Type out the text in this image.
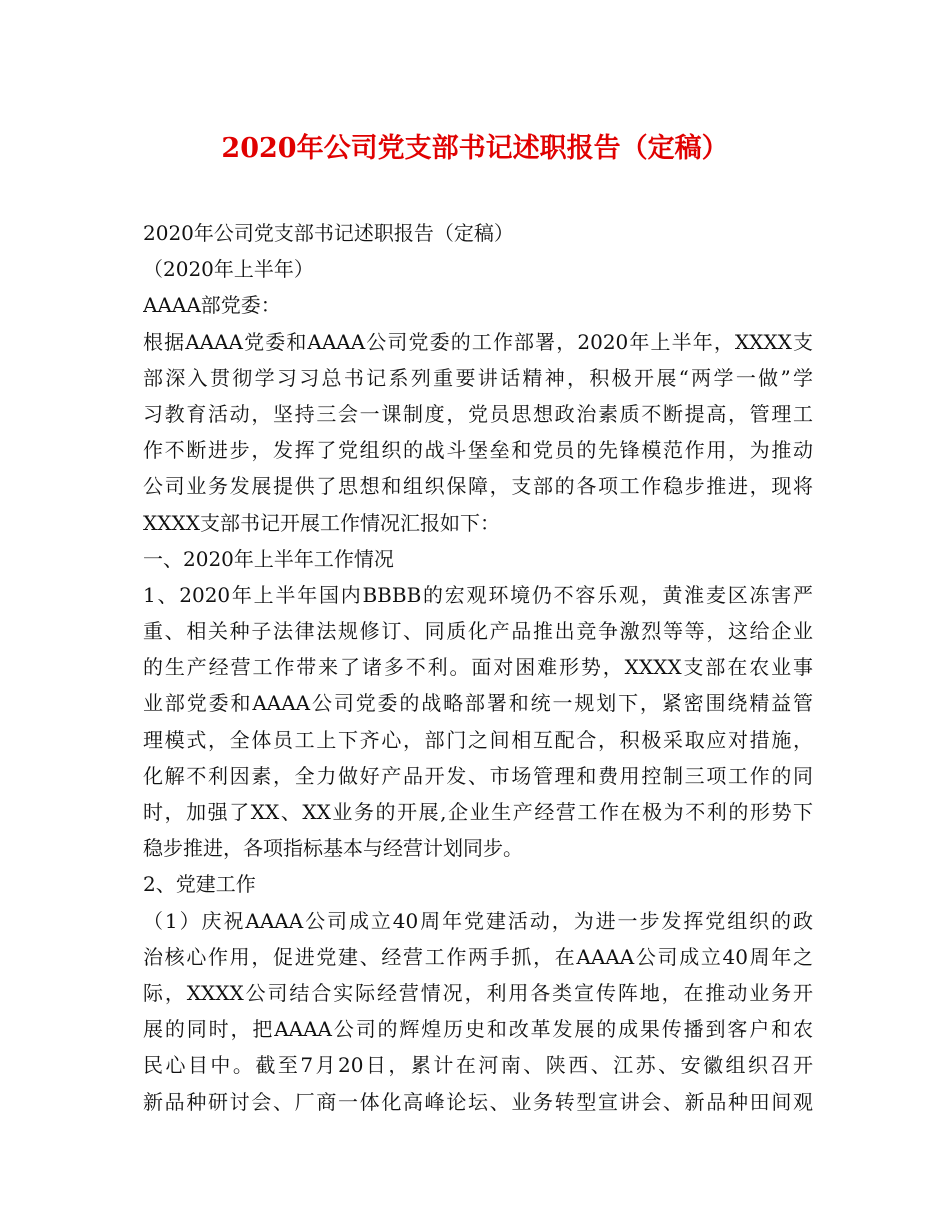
2020年公司党支部书记述职报告（定稿）
2020年公司党支部书记述职报告（定稿）
（2020年上半年）
AAAA部党委：
根据AAAA党委和AAAA公司党委的工作部署，2020年上半年，XXXX支
部深入贯彻学习习总书记系列重要讲话精神，积极开展“两学一做”学
习教育活动，坚持三会一课制度，党员思想政治素质不断提高，管理工
作不断进步，发挥了党组织的战斗堡垒和党员的先锋模范作用，为推动
公司业务发展提供了思想和组织保障，支部的各项工作稳步推进，现将
XXXX支部书记开展工作情况汇报如下：
一、2020年上半年工作情况
1、2020年上半年国内BBBB的宏观环境仍不容乐观，黄淮麦区冻害严
重、相关种子法律法规修订、同质化产品推出竞争激烈等等，这给企业
的生产经营工作带来了诸多不利。面对困难形势，XXXX支部在农业事
业部党委和AAAA公司党委的战略部署和统一规划下，紧密围绕精益管
理模式，全体员工上下齐心，部门之间相互配合，积极采取应对措施，
化解不利因素，全力做好产品开发、市场管理和费用控制三项工作的同
时，加强了XX、XX业务的开展,企业生产经营工作在极为不利的形势下
稳步推进，各项指标基本与经营计划同步。
2、党建工作
（1）庆祝AAAA公司成立40周年党建活动，为进一步发挥党组织的政
治核心作用，促进党建、经营工作两手抓，在AAAA公司成立40周年之
际，XXXX公司结合实际经营情况，利用各类宣传阵地，在推动业务开
展的同时，把AAAA公司的辉煌历史和改革发展的成果传播到客户和农
民心目中。截至7月20日，累计在河南、陕西、江苏、安徽组织召开
新品种研讨会、厂商一体化高峰论坛、业务转型宣讲会、新品种田间观
